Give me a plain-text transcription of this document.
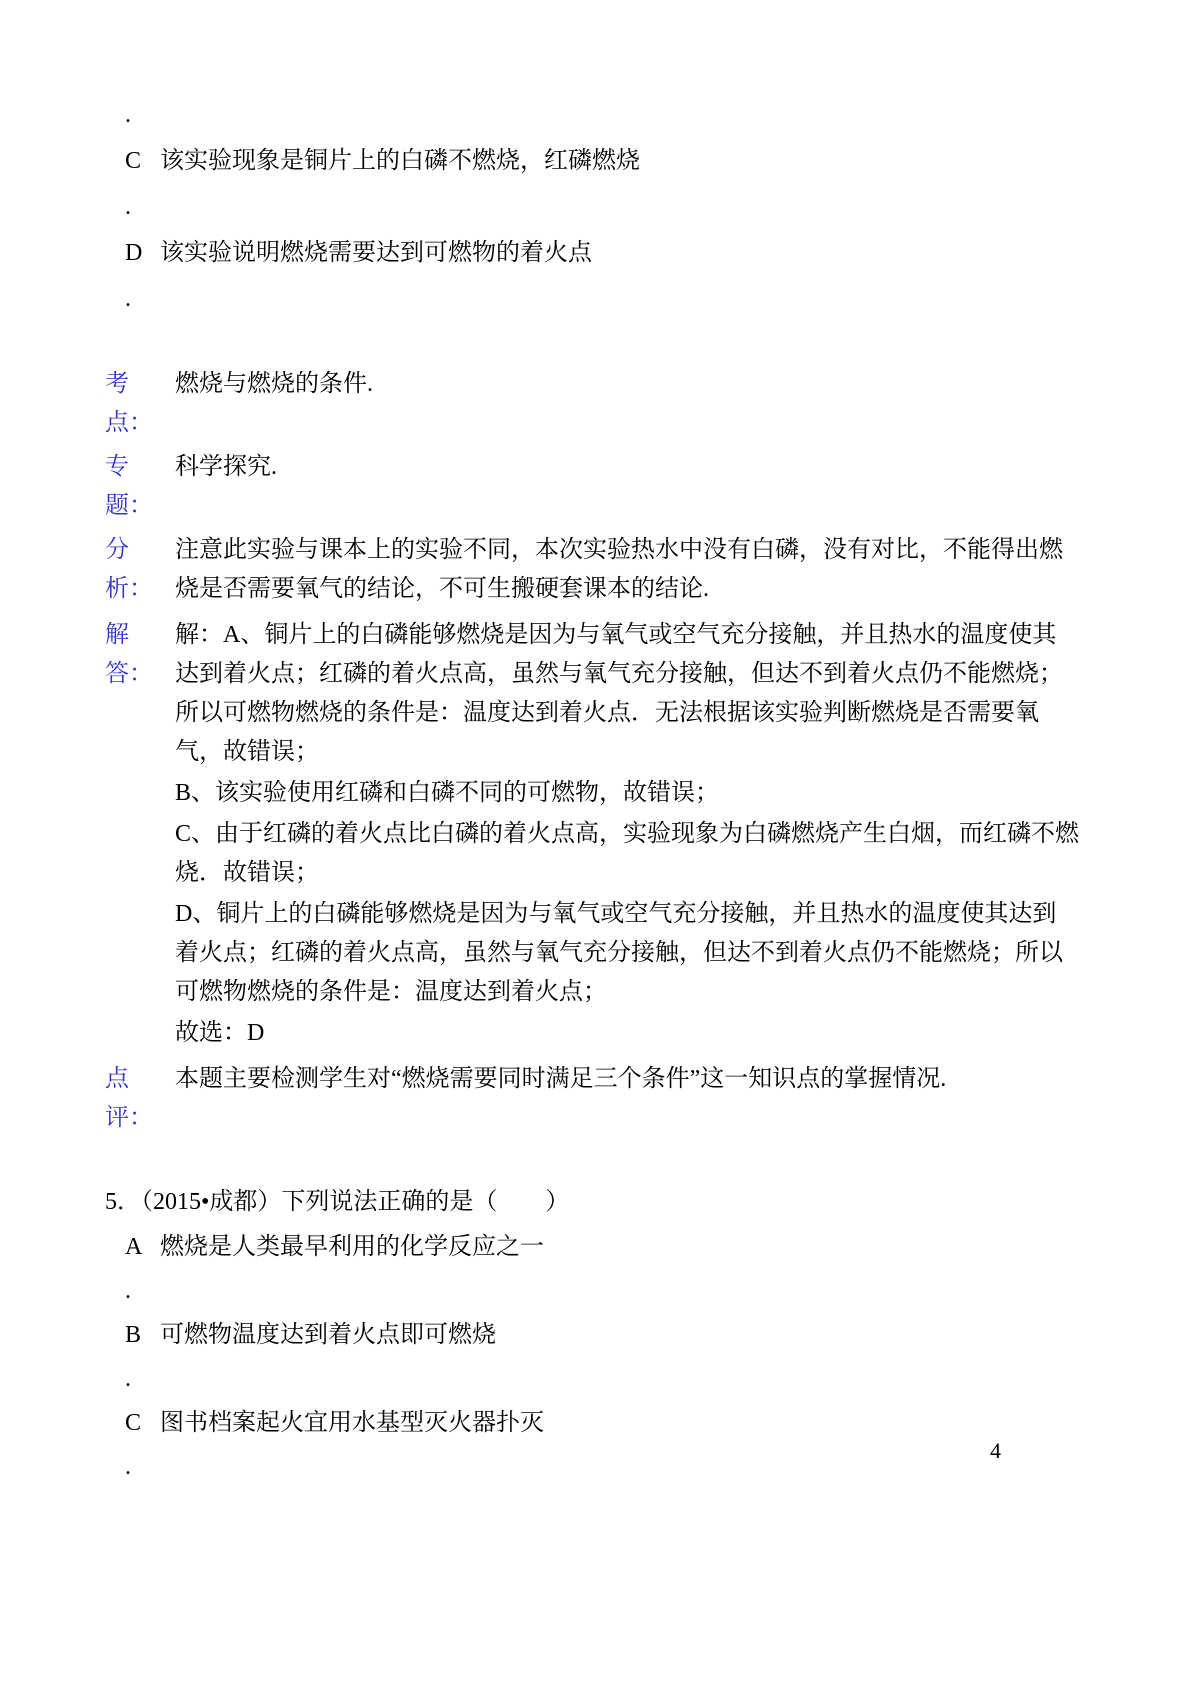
.
C 该实验现象是铜片上的白磷不燃烧，红磷燃烧
.
D 该实验说明燃烧需要达到可燃物的着火点
.
考点：

燃烧与燃烧的条件.

专题：

科学探究.

分析：

注意此实验与课本上的实验不同，本次实验热水中没有白磷，没有对比，不能得出燃烧是否需要氧气的结论，不可生搬硬套课本的结论.

解答：

解：A、铜片上的白磷能够燃烧是因为与氧气或空气充分接触，并且热水的温度使其达到着火点；红磷的着火点高，虽然与氧气充分接触，但达不到着火点仍不能燃烧；所以可燃物燃烧的条件是：温度达到着火点．无法根据该实验判断燃烧是否需要氧气，故错误；

B、该实验使用红磷和白磷不同的可燃物，故错误；

C、由于红磷的着火点比白磷的着火点高，实验现象为白磷燃烧产生白烟，而红磷不燃烧．故错误；

D、铜片上的白磷能够燃烧是因为与氧气或空气充分接触，并且热水的温度使其达到着火点；红磷的着火点高，虽然与氧气充分接触，但达不到着火点仍不能燃烧；所以可燃物燃烧的条件是：温度达到着火点；

故选：D

点评：

本题主要检测学生对“燃烧需要同时满足三个条件”这一知识点的掌握情况.

5．（2015•成都）下列说法正确的是（　　）

A 燃烧是人类最早利用的化学反应之一
.
B 可燃物温度达到着火点即可燃烧
.
C 图书档案起火宜用水基型灭火器扑灭
.
4
